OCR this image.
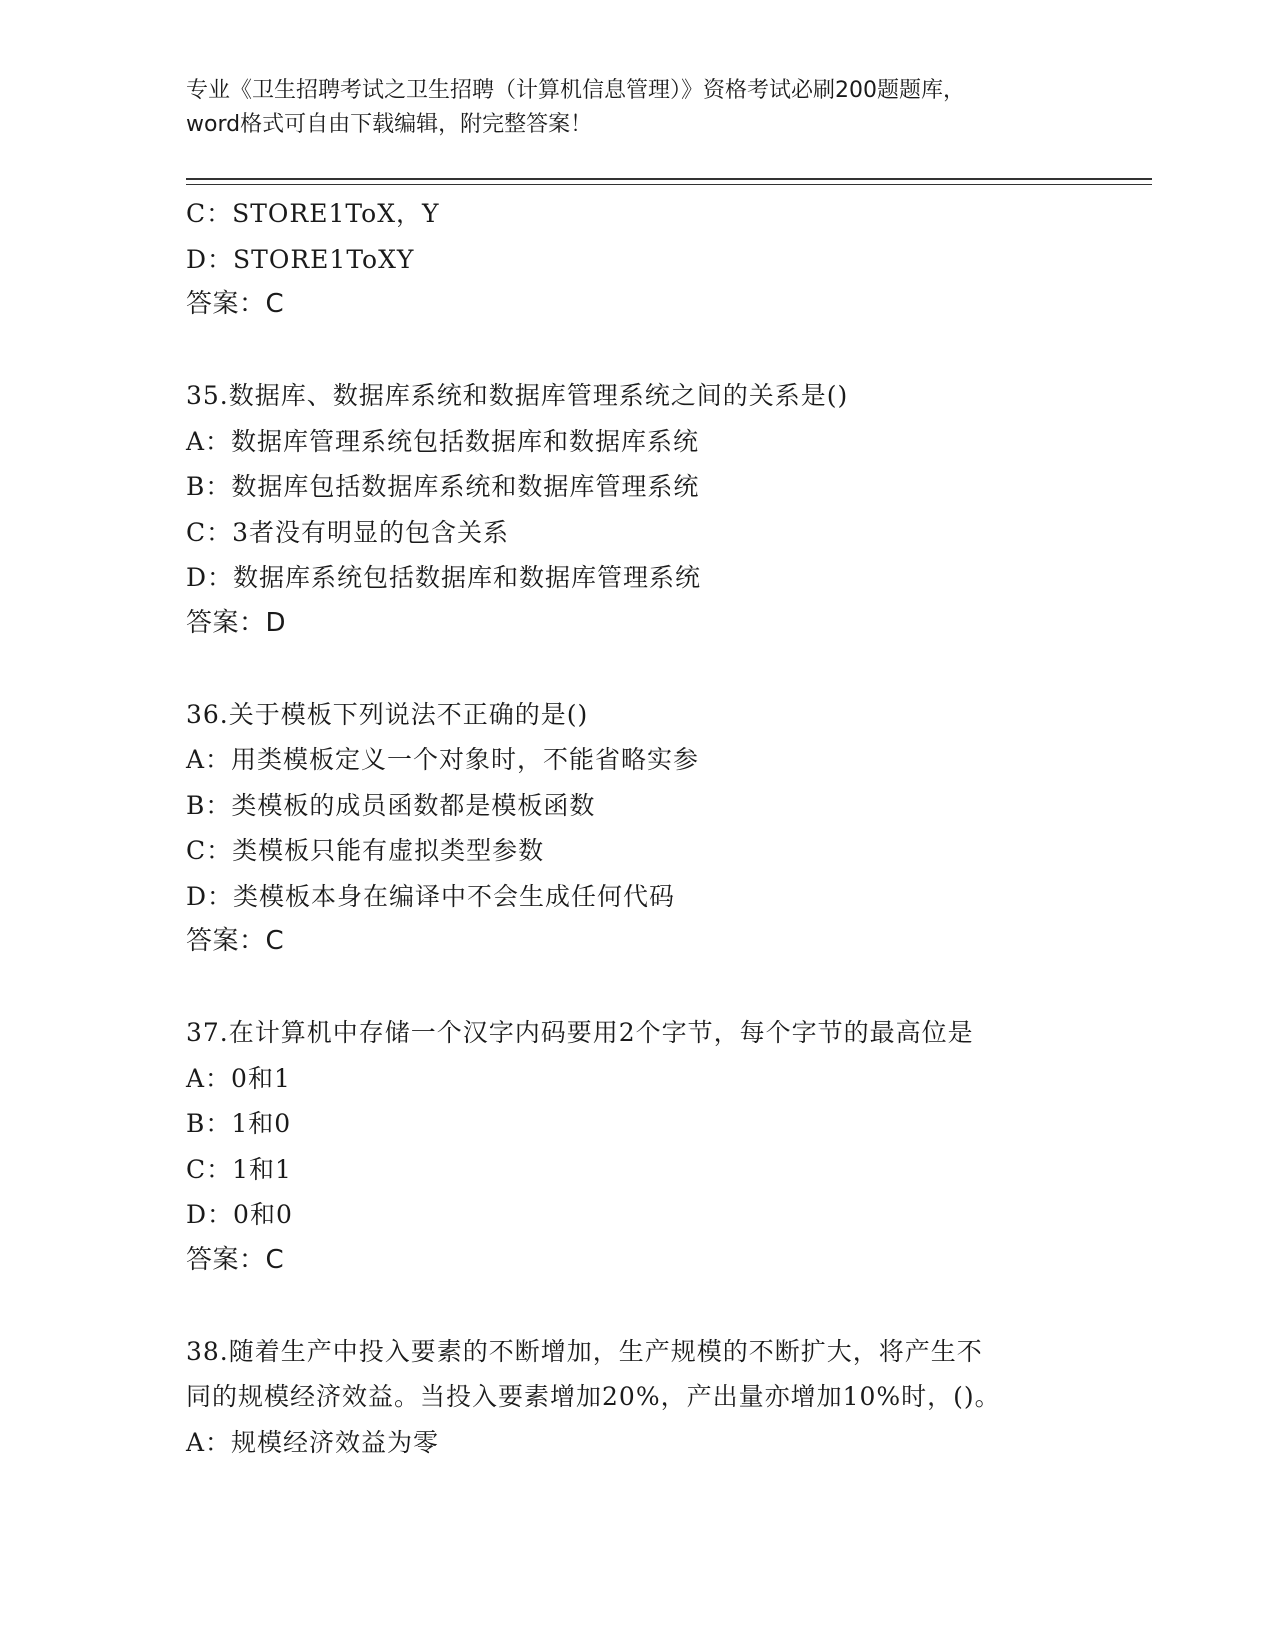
专业《卫生招聘考试之卫生招聘（计算机信息管理）》资格考试必刷200题题库，
word格式可自由下载编辑，附完整答案！
C：STORE1ToX，Y
D：STORE1ToXY
答案：C
35.数据库、数据库系统和数据库管理系统之间的关系是()
A：数据库管理系统包括数据库和数据库系统
B：数据库包括数据库系统和数据库管理系统
C：3者没有明显的包含关系
D：数据库系统包括数据库和数据库管理系统
答案：D
36.关于模板下列说法不正确的是()
A：用类模板定义一个对象时，不能省略实参
B：类模板的成员函数都是模板函数
C：类模板只能有虚拟类型参数
D：类模板本身在编译中不会生成任何代码
答案：C
37.在计算机中存储一个汉字内码要用2个字节，每个字节的最高位是
A：0和1
B：1和0
C：1和1
D：0和0
答案：C
38.随着生产中投入要素的不断增加，生产规模的不断扩大，将产生不
同的规模经济效益。当投入要素增加20%，产出量亦增加10%时，()。
A：规模经济效益为零
